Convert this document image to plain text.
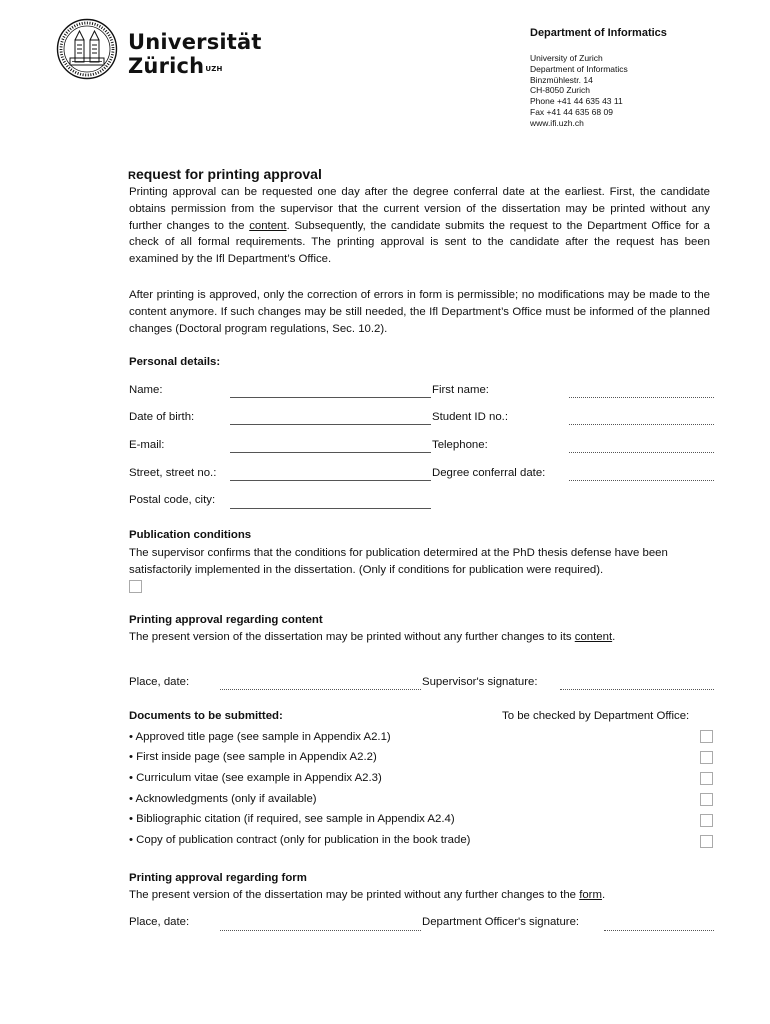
Universität
Zürich$^{UZH}$
Department of Informatics
University of Zurich
Department of Informatics
Binzmühlestr. 14
CH-8050 Zurich
Phone +41 44 635 43 11
Fax +41 44 635 68 09
www.ifi.uzh.ch
Request for printing approval
Printing approval can be requested one day after the degree conferral date at the earliest. First, the candidate obtains permission from the supervisor that the current version of the dissertation may be printed without any further changes to the content. Subsequently, the candidate submits the request to the Department Office for a check of all formal requirements. The printing approval is sent to the candidate after the request has been examined by the Ifl Department’s Office.
After printing is approved, only the correction of errors in form is permissible; no modifications may be made to the content anymore. If such changes may be still needed, the Ifl Department’s Office must be informed of the planned changes (Doctoral program regulations, Sec. 10.2).
Personal details:
Name:	First name:
Date of birth:	Student ID no.:
E-mail:	Telephone:
Street, street no.:	Degree conferral date:
Postal code, city:
Publication conditions
The supervisor confirms that the conditions for publication determired at the PhD thesis defense have been satisfactorily implemented in the dissertation. (Only if conditions for publication were required).
Printing approval regarding content
The present version of the dissertation may be printed without any further changes to its content.
Place, date:	Supervisor's signature:
Documents to be submitted:	To be checked by Department Office:
• Approved title page (see sample in Appendix A2.1)
• First inside page (see sample in Appendix A2.2)
• Curriculum vitae (see example in Appendix A2.3)
• Acknowledgments (only if available)
• Bibliographic citation (if required, see sample in Appendix A2.4)
• Copy of publication contract (only for publication in the book trade)
Printing approval regarding form
The present version of the dissertation may be printed without any further changes to the form.
Place, date:	Department Officer's signature:
